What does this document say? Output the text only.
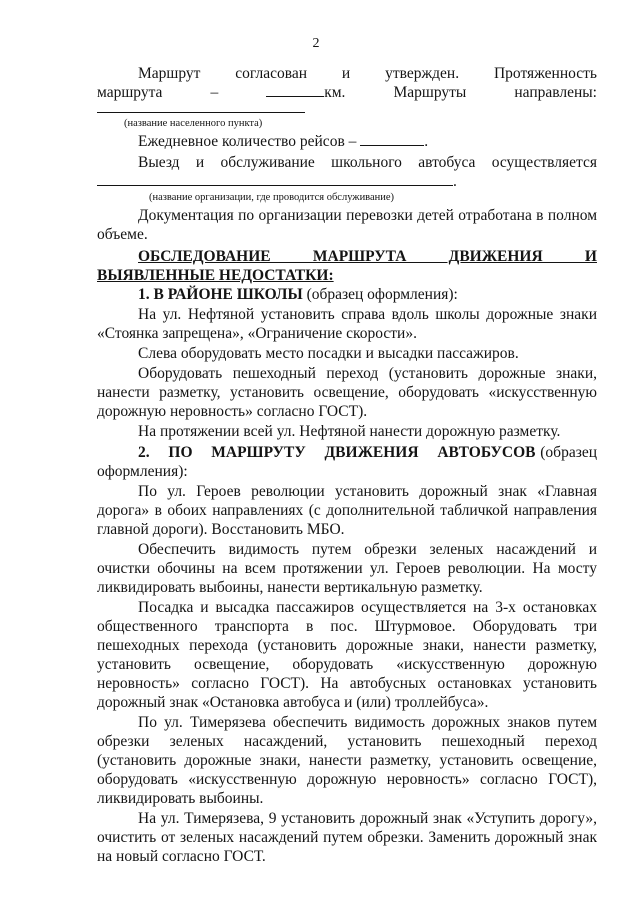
2

Маршрут согласован и утвержден. Протяженность

маршрута	–	км.	Маршруты	направлены:

(название населенного пункта)

Ежедневное количество рейсов –	.

Выезд и обслуживание школьного автобуса осуществляется

.

(название организации, где проводится обслуживание)

Документация по организации перевозки детей отработана в полном объеме.

ОБСЛЕДОВАНИЕ МАРШРУТА ДВИЖЕНИЯ И ВЫЯВЛЕННЫЕ НЕДОСТАТКИ:

1. В РАЙОНЕ ШКОЛЫ (образец оформления):

На ул. Нефтяной установить справа вдоль школы дорожные знаки «Стоянка запрещена», «Ограничение скорости».

Слева оборудовать место посадки и высадки пассажиров.

Оборудовать пешеходный переход (установить дорожные знаки, нанести разметку, установить освещение, оборудовать «искусственную дорожную неровность» согласно ГОСТ).

На протяжении всей ул. Нефтяной нанести дорожную разметку.

2. ПО МАРШРУТУ ДВИЖЕНИЯ АВТОБУСОВ (образец оформления):

По ул. Героев революции установить дорожный знак «Главная дорога» в обоих направлениях (с дополнительной табличкой направления главной дороги). Восстановить МБО.

Обеспечить видимость путем обрезки зеленых насаждений и очистки обочины на всем протяжении ул. Героев революции. На мосту ликвидировать выбоины, нанести вертикальную разметку.

Посадка и высадка пассажиров осуществляется на 3-х остановках общественного транспорта в пос. Штурмовое. Оборудовать три пешеходных перехода (установить дорожные знаки, нанести разметку, установить освещение, оборудовать «искусственную дорожную неровность» согласно ГОСТ). На автобусных остановках установить дорожный знак «Остановка автобуса и (или) троллейбуса».

По ул. Тимерязева обеспечить видимость дорожных знаков путем обрезки зеленых насаждений, установить пешеходный переход (установить дорожные знаки, нанести разметку, установить освещение, оборудовать «искусственную дорожную неровность» согласно ГОСТ), ликвидировать выбоины.

На ул. Тимерязева, 9 установить дорожный знак «Уступить дорогу», очистить от зеленых насаждений путем обрезки. Заменить дорожный знак на новый согласно ГОСТ.
